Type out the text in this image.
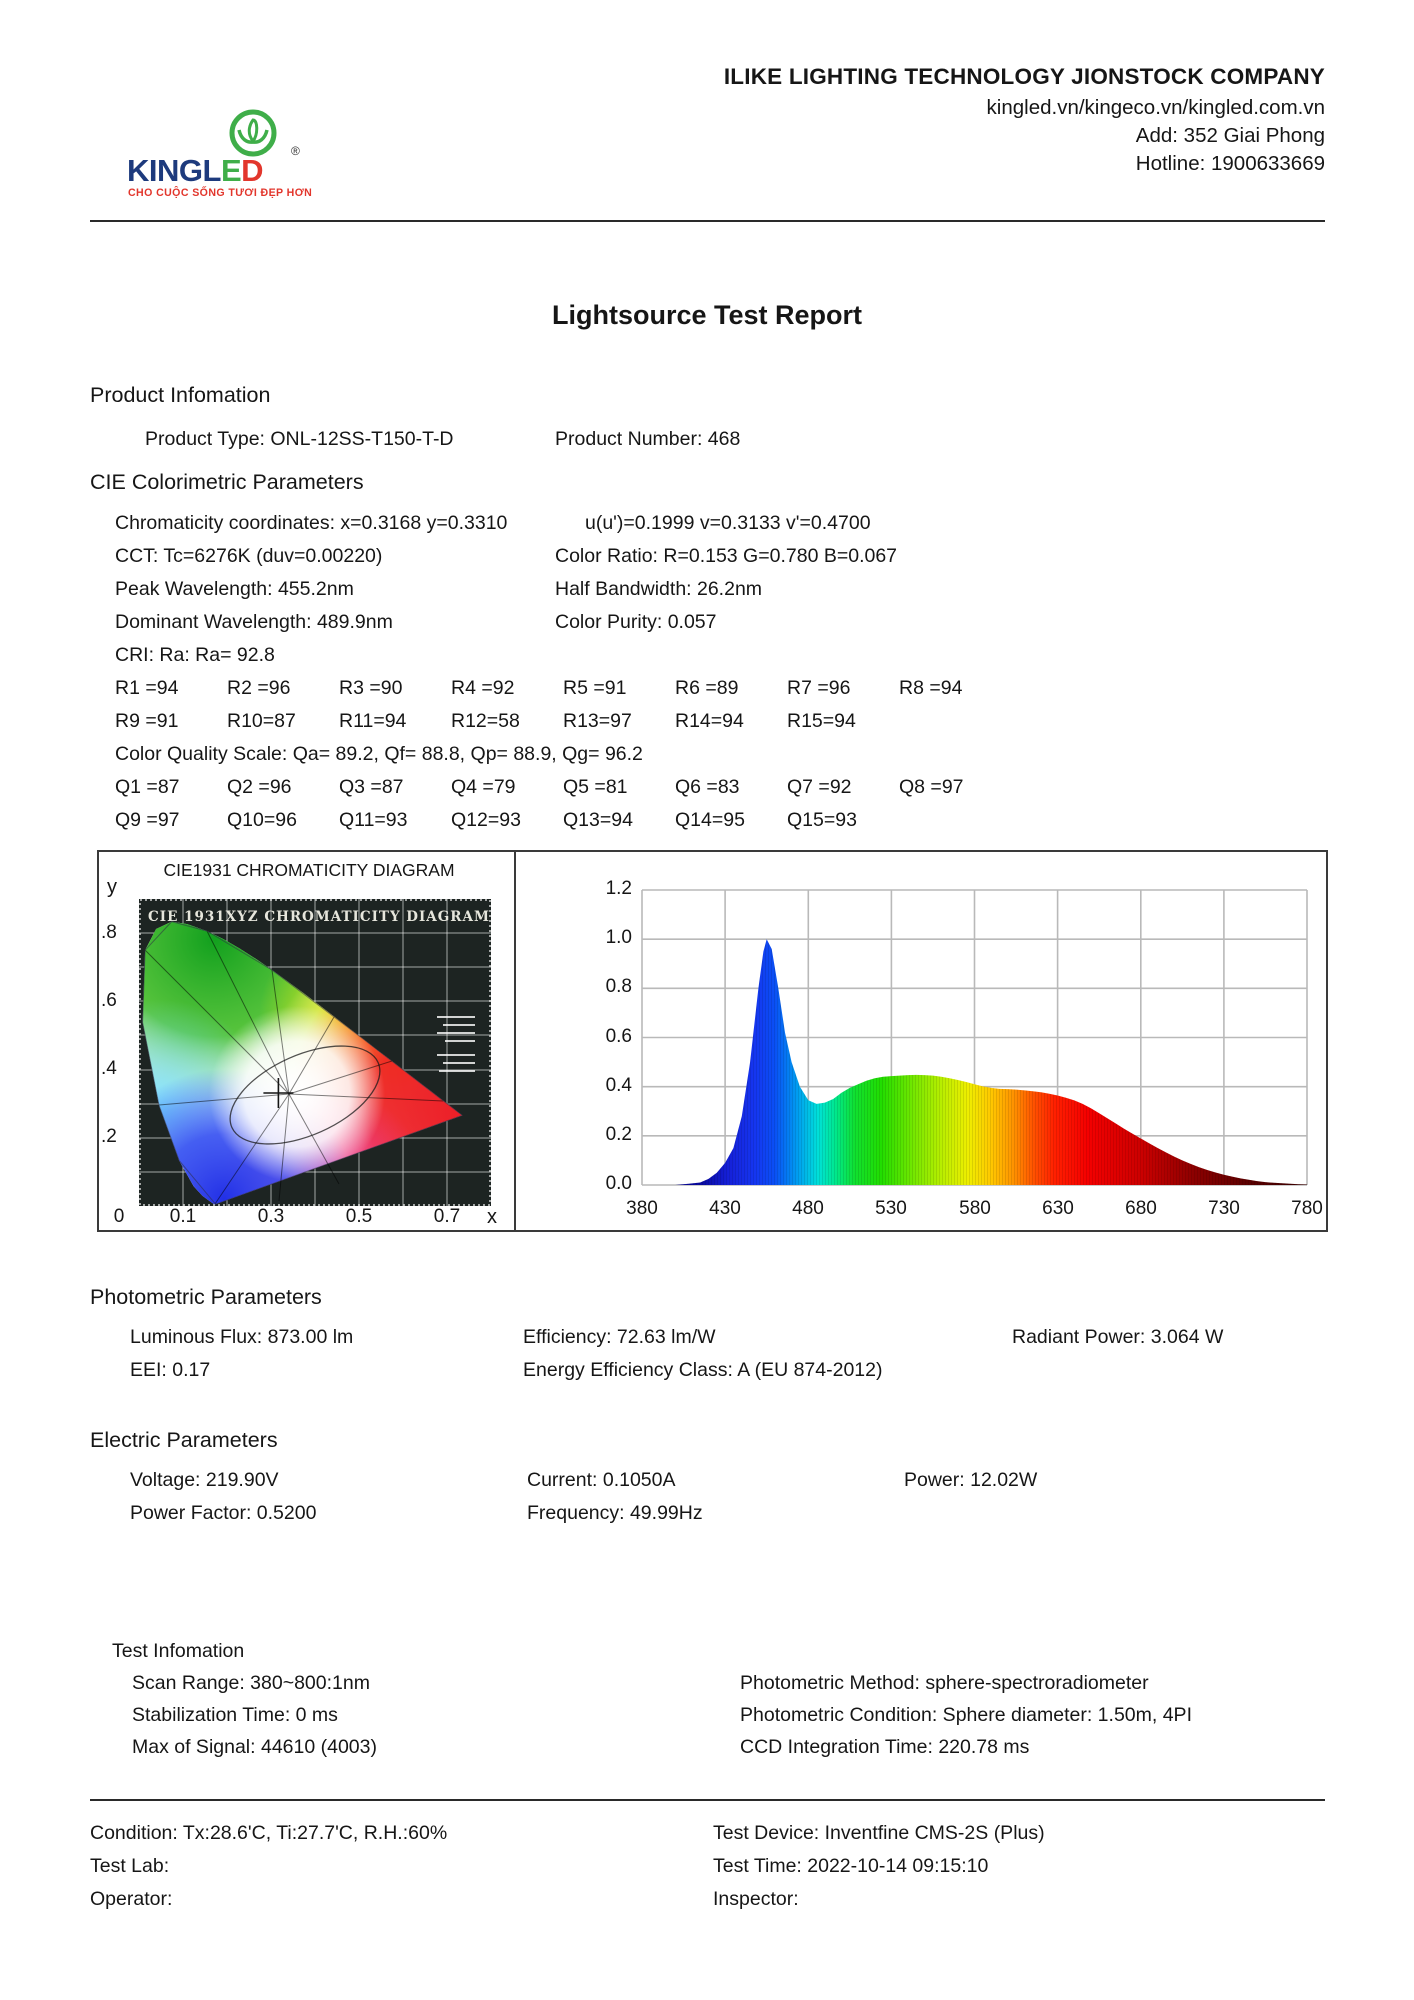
®
KINGLED
CHO CUỘC SỐNG TƯƠI ĐẸP HƠN
ILIKE LIGHTING TECHNOLOGY JIONSTOCK COMPANY
kingled.vn/kingeco.vn/kingled.com.vn
Add: 352 Giai Phong
Hotline: 1900633669
Lightsource Test Report
Product Infomation
Product Type: ONL-12SS-T150-T-D	Product Number: 468
CIE Colorimetric Parameters
Chromaticity coordinates: x=0.3168 y=0.3310	u(u')=0.1999 v=0.3133 v'=0.4700
CCT: Tc=6276K (duv=0.00220)	Color Ratio: R=0.153 G=0.780 B=0.067
Peak Wavelength: 455.2nm	Half Bandwidth: 26.2nm
Dominant Wavelength: 489.9nm	Color Purity: 0.057
CRI: Ra: Ra= 92.8
R1 =94 R2 =96 R3 =90 R4 =92 R5 =91 R6 =89 R7 =96 R8 =94
R9 =91 R10=87 R11=94 R12=58 R13=97 R14=94 R15=94
Color Quality Scale: Qa= 89.2, Qf= 88.8, Qp= 88.9, Qg= 96.2
Q1 =87 Q2 =96 Q3 =87 Q4 =79 Q5 =81 Q6 =83 Q7 =92 Q8 =97
Q9 =97 Q10=96 Q11=93 Q12=93 Q13=94 Q14=95 Q15=93
CIE1931 CHROMATICITY DIAGRAM
y
.8
.6
.4
.2
0	0.1	0.3	0.5	0.7	x
CIE 1931XYZ CHROMATICITY DIAGRAM
1.2
1.0
0.8
0.6
0.4
0.2
0.0
380	430	480	530	580	630	680	730	780
Photometric Parameters
Luminous Flux: 873.00 lm	Efficiency: 72.63 lm/W	Radiant Power: 3.064 W
EEI: 0.17	Energy Efficiency Class: A (EU 874-2012)
Electric Parameters
Voltage: 219.90V	Current: 0.1050A	Power: 12.02W
Power Factor: 0.5200	Frequency: 49.99Hz
Test Infomation
Scan Range: 380~800:1nm
Stabilization Time: 0 ms
Max of Signal: 44610 (4003)
Photometric Method: sphere-spectroradiometer
Photometric Condition: Sphere diameter: 1.50m, 4PI
CCD Integration Time: 220.78 ms
Condition: Tx:28.6'C, Ti:27.7'C, R.H.:60%
Test Lab:
Operator:
Test Device: Inventfine CMS-2S (Plus)
Test Time: 2022-10-14 09:15:10
Inspector:
